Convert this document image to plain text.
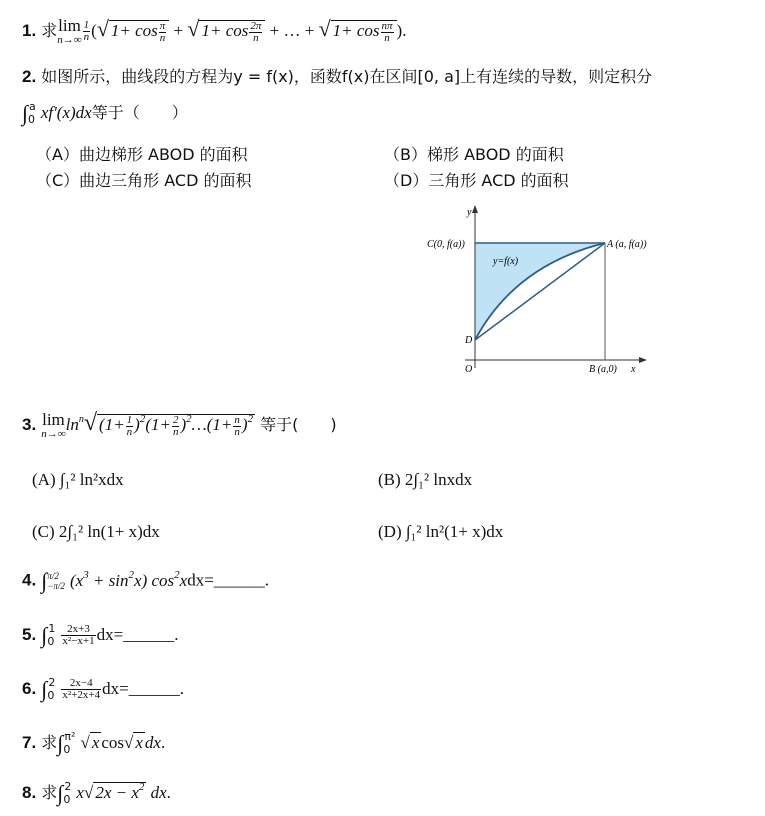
1. 求 lim
$n\to\infty \frac{1}{n}$ (√ $1+ \cos \frac{\pi}{n}$ + √ $1+ \cos \frac{2\pi}{n}$ + … + √ $1+ \cos \frac{n\pi}{n}$ ).
2. 如图所示，曲线段的方程为y = f(x)，函数f(x)在区间[0, a]上有连续的导数，则定积分
$\int_0^a$ xf'(x)dx等于（　　）
（A）曲边梯形 ABOD 的面积	（B）梯形 ABOD 的面积
（C）曲边三角形 ACD 的面积	（D）三角形 ACD 的面积
y
x
C(0, f(a))	A (a, f(a))
y=f(x)
D
O	B (a,0)
3. lim
n→∞ $\ln^n√$ $(1+ \frac{1}{n} )^2(1+ \frac{2}{n}$ )$^2\dots(1+ \frac{n}{n} )^2$ 等于(　　)
(A) ∫₁² ln²xdx	(B) 2∫₁² lnxdx
(C) 2∫₁² ln(1+ x)dx	(D) ∫₁² ln²(1+ x)dx
4. ∫π/2
−π/2 $(x^3 + \sin^2x)$ $\cos^2xdx=\_\_\_\_\_\_$.
5. $\int_0^1 \frac{2x+3}{\text{x²−x+1}}$ dx=______.
6. $\int_0^2 \frac{2x-4}{\text{x²+2x+4}}$ dx=______.
7. 求$\int_0^{\pi^2}$ √ x cos√ x dx.
8. 求$\int_0^2$ x√ $2x - x^2$ dx.
